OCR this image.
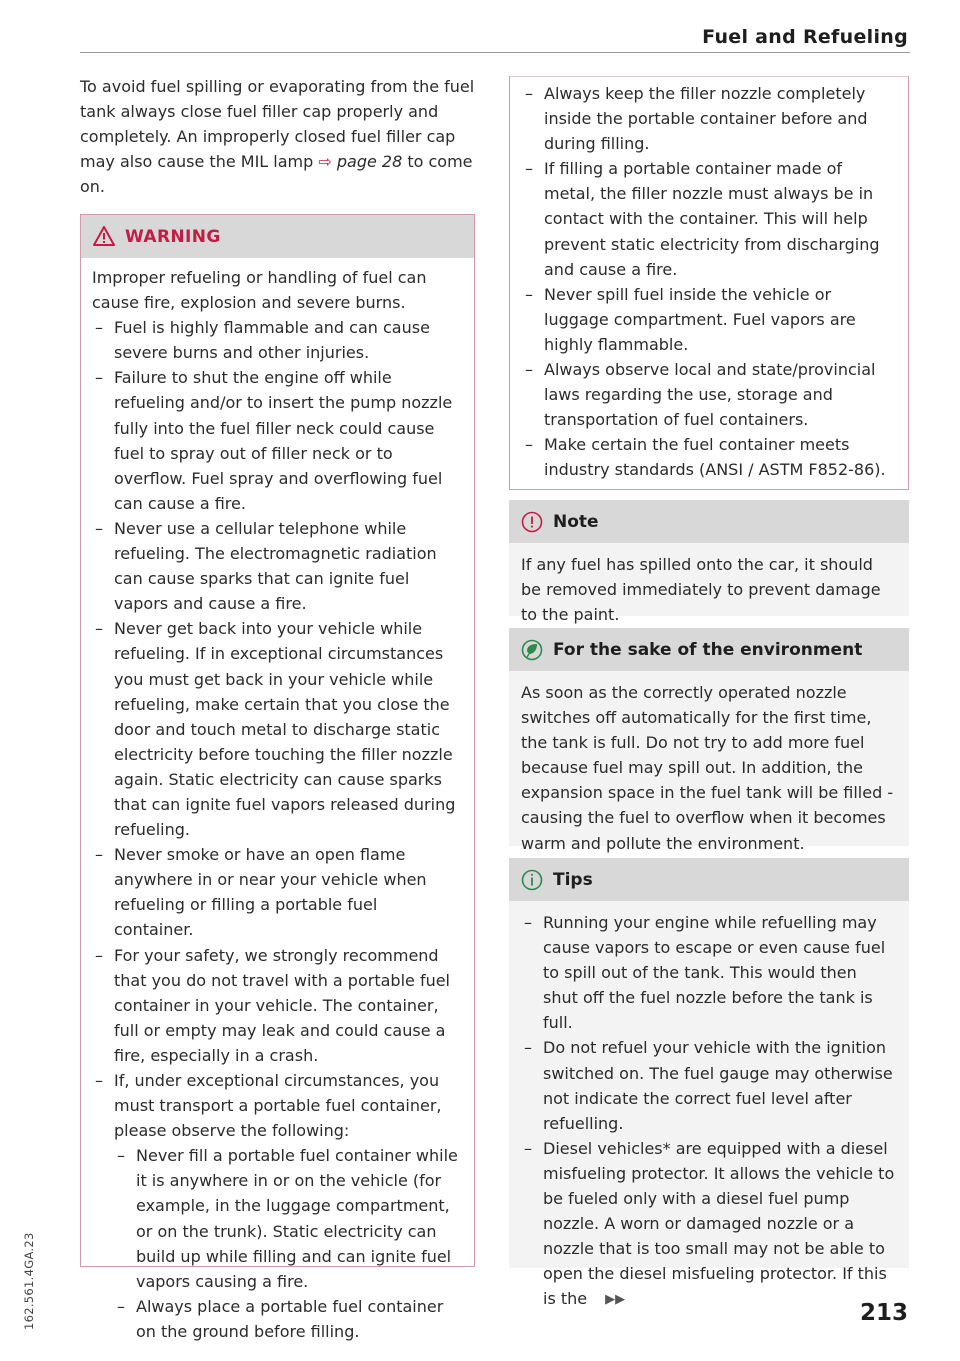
Fuel and Refueling

To avoid fuel spilling or evaporating from the fuel tank always close fuel filler cap properly and completely. An improperly closed fuel filler cap may also cause the MIL lamp ⇨ page 28 to come on.

WARNING

Improper refueling or handling of fuel can cause fire, explosion and severe burns.

– Fuel is highly flammable and can cause severe burns and other injuries.
– Failure to shut the engine off while refueling and/or to insert the pump nozzle fully into the fuel filler neck could cause fuel to spray out of filler neck or to overflow. Fuel spray and overflowing fuel can cause a fire.
– Never use a cellular telephone while refueling. The electromagnetic radiation can cause sparks that can ignite fuel vapors and cause a fire.
– Never get back into your vehicle while refueling. If in exceptional circumstances you must get back in your vehicle while refueling, make certain that you close the door and touch metal to discharge static electricity before touching the filler nozzle again. Static electricity can cause sparks that can ignite fuel vapors released during refueling.
– Never smoke or have an open flame anywhere in or near your vehicle when refueling or filling a portable fuel container.
– For your safety, we strongly recommend that you do not travel with a portable fuel container in your vehicle. The container, full or empty may leak and could cause a fire, especially in a crash.
– If, under exceptional circumstances, you must transport a portable fuel container, please observe the following:
– Never fill a portable fuel container while it is anywhere in or on the vehicle (for example, in the luggage compartment, or on the trunk). Static electricity can build up while filling and can ignite fuel vapors causing a fire.
– Always place a portable fuel container on the ground before filling.
– Always keep the filler nozzle completely inside the portable container before and during filling.
– If filling a portable container made of metal, the filler nozzle must always be in contact with the container. This will help prevent static electricity from discharging and cause a fire.
– Never spill fuel inside the vehicle or luggage compartment. Fuel vapors are highly flammable.
– Always observe local and state/provincial laws regarding the use, storage and transportation of fuel containers.
– Make certain the fuel container meets industry standards (ANSI / ASTM F852-86).
Note

If any fuel has spilled onto the car, it should be removed immediately to prevent damage to the paint.

For the sake of the environment

As soon as the correctly operated nozzle switches off automatically for the first time, the tank is full. Do not try to add more fuel because fuel may spill out. In addition, the expansion space in the fuel tank will be filled - causing the fuel to overflow when it becomes warm and pollute the environment.

Tips
– Running your engine while refuelling may cause vapors to escape or even cause fuel to spill out of the tank. This would then shut off the fuel nozzle before the tank is full.
– Do not refuel your vehicle with the ignition switched on. The fuel gauge may otherwise not indicate the correct fuel level after refuelling.
– Diesel vehicles* are equipped with a diesel misfueling protector. It allows the vehicle to be fueled only with a diesel fuel pump nozzle. A worn or damaged nozzle or a nozzle that is too small may not be able to open the diesel misfueling protector. If this is the ▶▶
213
162.561.4GA.23
